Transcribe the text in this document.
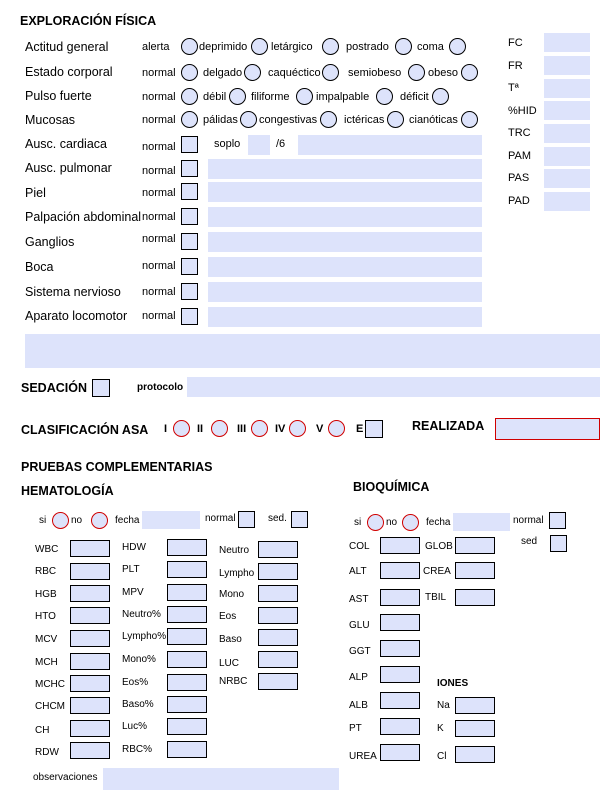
EXPLORACIÓN FÍSICA
Actitud general	alerta	deprimido letárgico	postrado	coma
Estado corporal	normal delgado caquéctico semiobeso obeso
Pulso fuerte	normal débil filiforme impalpable	déficit
Mucosas	normal pálidas congestivas ictéricas cianóticas
Ausc. cardiaca	normal	soplo	/6
Ausc. pulmonar	normal
Piel	normal
Palpación abdominal normal
Ganglios	normal
Boca	normal
Sistema nervioso normal
Aparato locomotor normal
FC
FR
Tª
%HID
TRC
PAM
PAS
PAD
SEDACIÓN	protocolo
CLASIFICACIÓN ASA I	II	III	IV	V	E	REALIZADA
PRUEBAS COMPLEMENTARIAS
HEMATOLOGÍA
si no	fecha	normal	sed.
WBC
RBC
HGB
HTO
MCV
MCH
MCHC
CHCM
CH
RDW
HDW
PLT
MPV
Neutro%
Lympho%
Mono%
Eos%
Baso%
Luc%
RBC%
Neutro
Lympho
Mono
Eos
Baso
LUC
NRBC
observaciones
BIOQUÍMICA
si no	fecha	normal
sed
COL
ALT
AST
GLU
GGT
ALP
ALB
PT
UREA
GLOB
CREA
TBIL
IONES
Na
K
Cl
